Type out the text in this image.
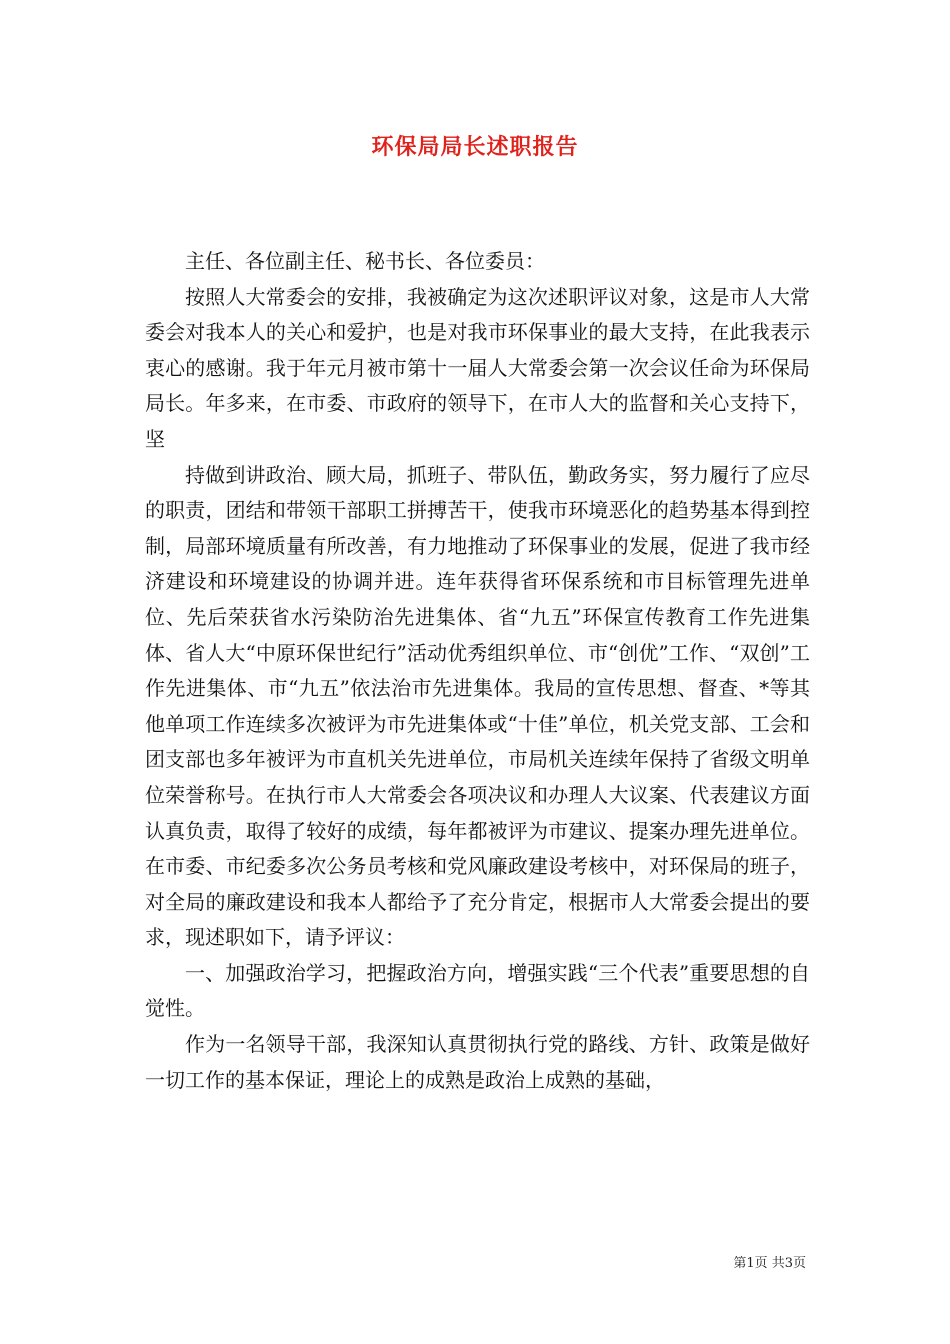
环保局局长述职报告

主任、各位副主任、秘书长、各位委员：

按照人大常委会的安排，我被确定为这次述职评议对象，这是市人大常委会对我本人的关心和爱护，也是对我市环保事业的最大支持，在此我表示衷心的感谢。我于年元月被市第十一届人大常委会第一次会议任命为环保局局长。年多来，在市委、市政府的领导下，在市人大的监督和关心支持下，坚

持做到讲政治、顾大局，抓班子、带队伍，勤政务实，努力履行了应尽的职责，团结和带领干部职工拼搏苦干，使我市环境恶化的趋势基本得到控制，局部环境质量有所改善，有力地推动了环保事业的发展，促进了我市经济建设和环境建设的协调并进。连年获得省环保系统和市目标管理先进单位、先后荣获省水污染防治先进集体、省“九五”环保宣传教育工作先进集体、省人大“中原环保世纪行”活动优秀组织单位、市“创优”工作、“双创”工作先进集体、市“九五”依法治市先进集体。我局的宣传思想、督查、*等其他单项工作连续多次被评为市先进集体或“十佳”单位，机关党支部、工会和团支部也多年被评为市直机关先进单位，市局机关连续年保持了省级文明单位荣誉称号。在执行市人大常委会各项决议和办理人大议案、代表建议方面认真负责，取得了较好的成绩，每年都被评为市建议、提案办理先进单位。在市委、市纪委多次公务员考核和党风廉政建设考核中，对环保局的班子，对全局的廉政建设和我本人都给予了充分肯定，根据市人大常委会提出的要求，现述职如下，请予评议：

一、加强政治学习，把握政治方向，增强实践“三个代表”重要思想的自觉性。

作为一名领导干部，我深知认真贯彻执行党的路线、方针、政策是做好一切工作的基本保证，理论上的成熟是政治上成熟的基础，

第1页 共3页
